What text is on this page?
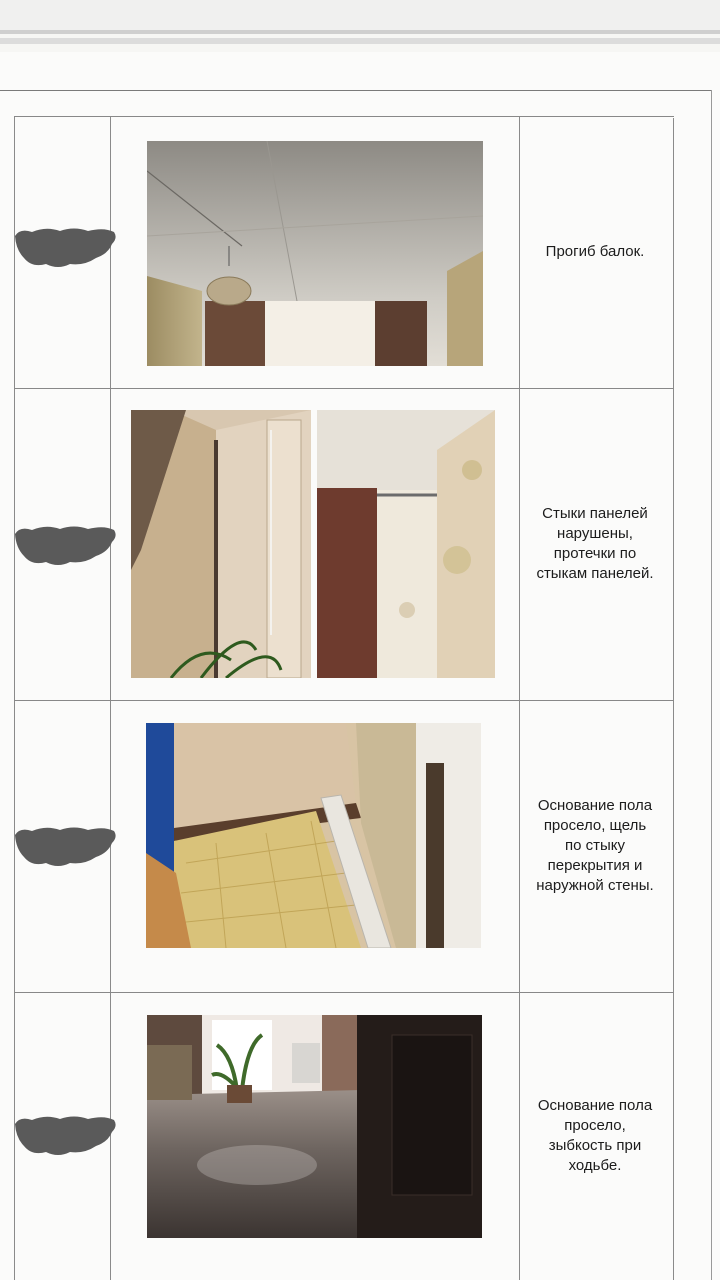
Прогиб балок.
Стыки панелей
нарушены,
протечки по
стыкам панелей.
Основание пола
просело, щель
по стыку
перекрытия и
наружной стены.
Основание пола
просело,
зыбкость при
ходьбе.
